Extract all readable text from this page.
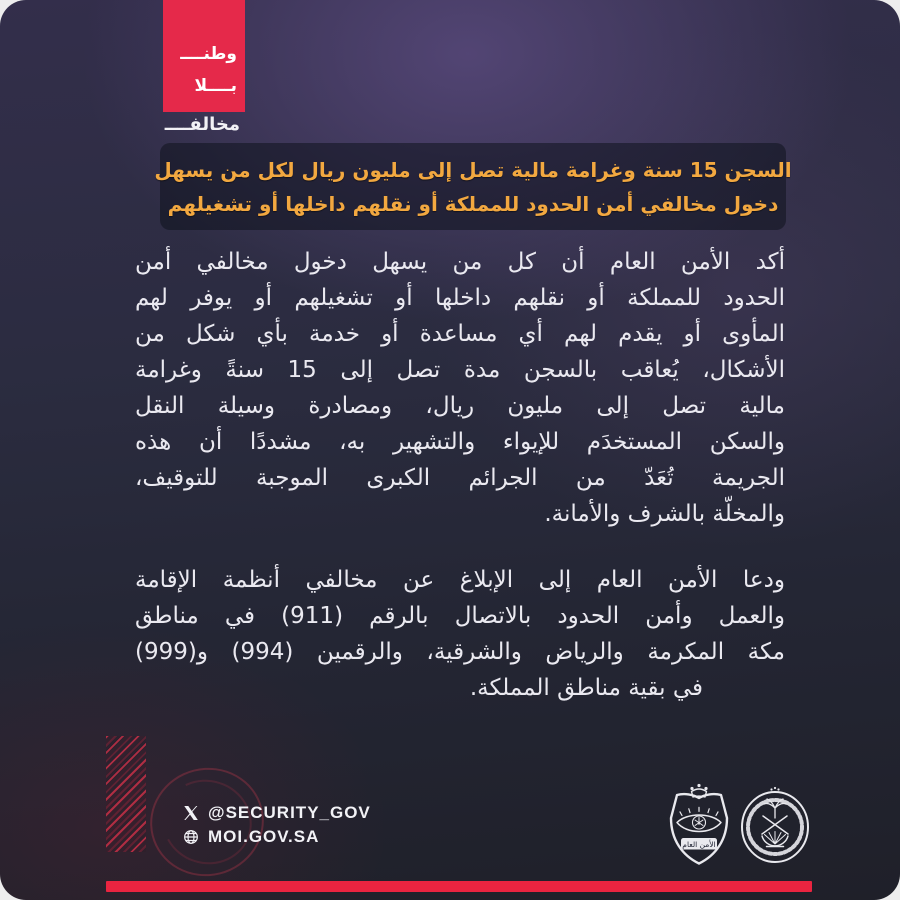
وطنــــ
بــــلا
مخالفــــ
السجن 15 سنة وغرامة مالية تصل إلى مليون ريال لكل من يسهل
دخول مخالفي أمن الحدود للمملكة أو نقلهم داخلها أو تشغيلهم
أكد الأمن العام أن كل من يسهل دخول مخالفي أمن
الحدود للمملكة أو نقلهم داخلها أو تشغيلهم أو يوفر لهم
المأوى أو يقدم لهم أي مساعدة أو خدمة بأي شكل من
الأشكال، يُعاقب بالسجن مدة تصل إلى 15 سنةً وغرامة
مالية تصل إلى مليون ريال، ومصادرة وسيلة النقل
والسكن المستخدَم للإيواء والتشهير به، مشددًا أن هذه
الجريمة تُعَدّ من الجرائم الكبرى الموجبة للتوقيف،
والمخلّة بالشرف والأمانة.
ودعا الأمن العام إلى الإبلاغ عن مخالفي أنظمة الإقامة
والعمل وأمن الحدود بالاتصال بالرقم (911) في مناطق
مكة المكرمة والرياض والشرقية، والرقمين (994) و(999)
في بقية مناطق المملكة.
@SECURITY_GOV
MOI.GOV.SA	الأمن العام
